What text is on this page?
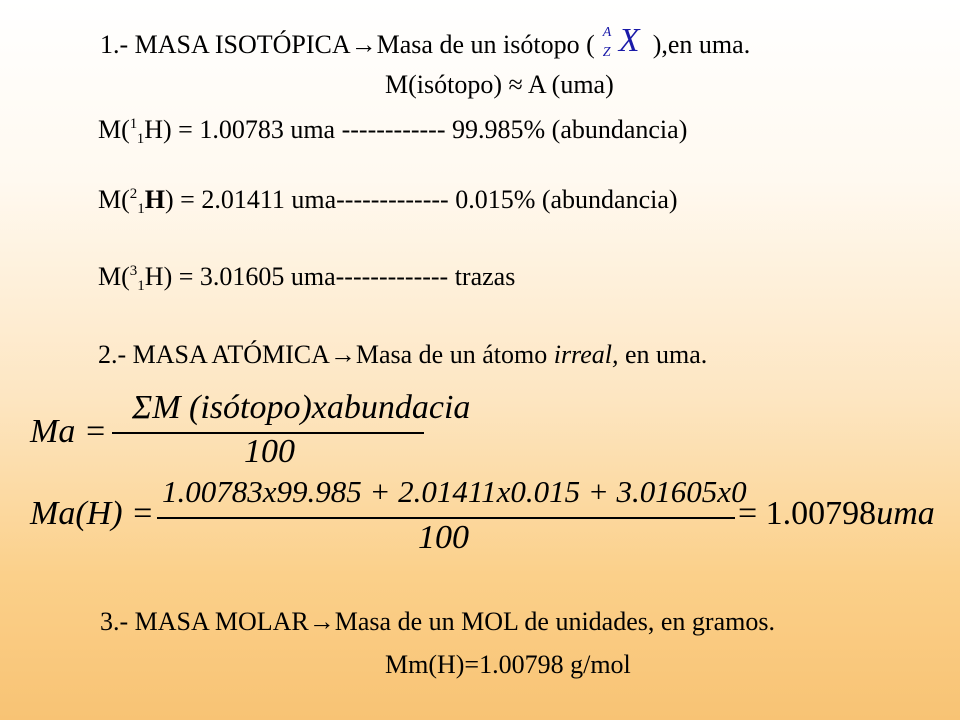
1.- MASA ISOTÓPICA→Masa de un isótopo ( A
Z X ),en uma.
M(isótopo) ≈ A (uma)
M($^1$1H) = 1.00783 uma ------------ 99.985% (abundancia)
M($^2$1H) = 2.01411 uma------------- 0.015% (abundancia)
M($^3$1H) = 3.01605 uma------------- trazas
2.- MASA ATÓMICA→Masa de un átomo irreal, en uma.
Ma =
ΣM (isótopo)xabundacia
100
Ma(H) =
1.00783x99.985 + 2.01411x0.015 + 3.01605x0
100
= 1.00798uma
3.- MASA MOLAR→Masa de un MOL de unidades, en gramos.
Mm(H)=1.00798 g/mol
